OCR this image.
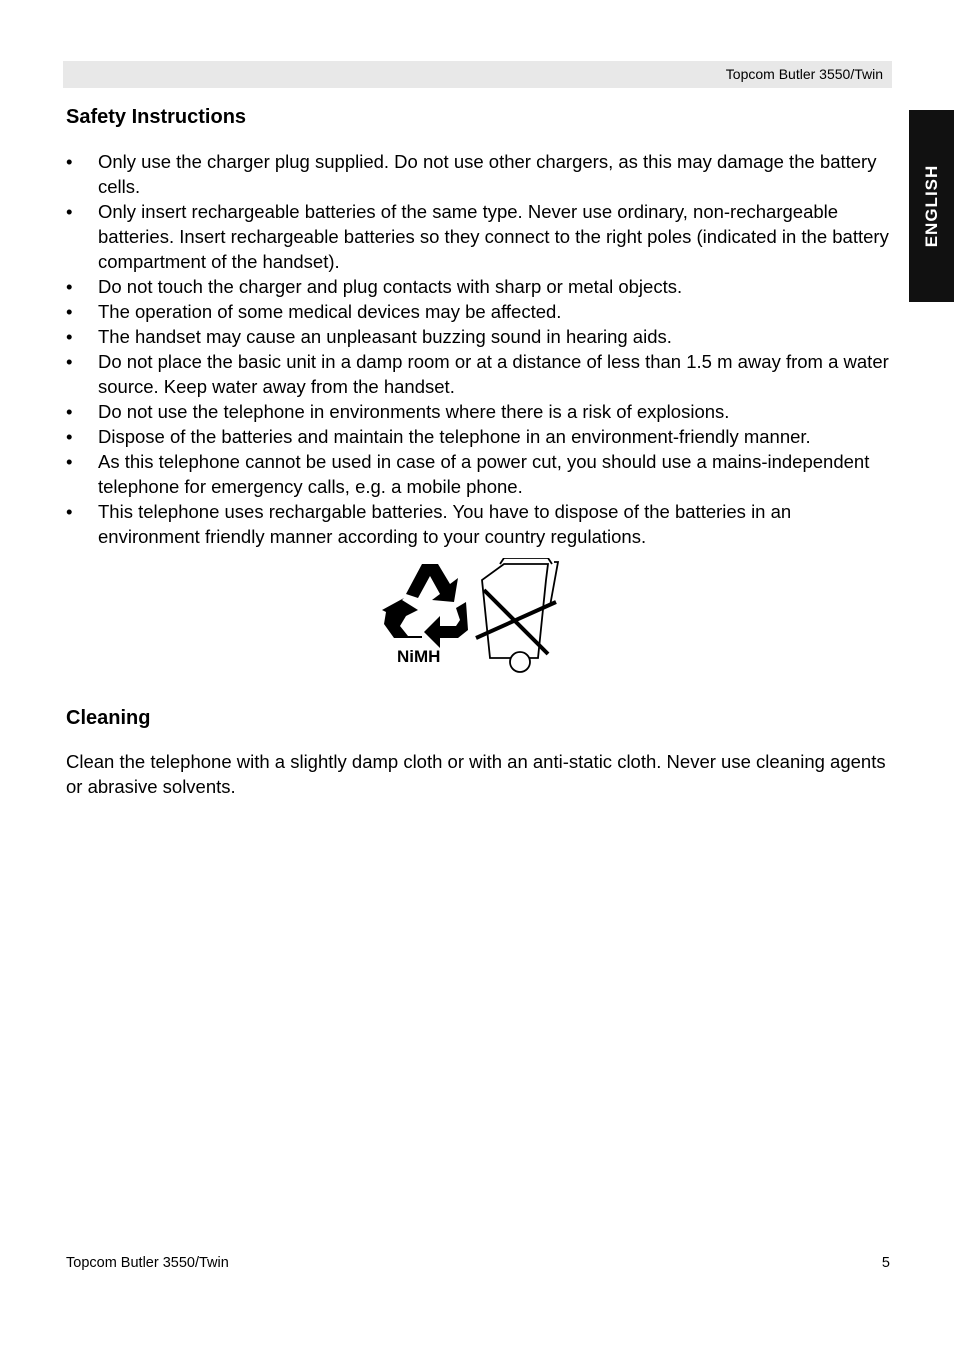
Topcom Butler 3550/Twin
ENGLISH
Safety Instructions
• Only use the charger plug supplied. Do not use other chargers, as this may damage the battery cells.
• Only insert rechargeable batteries of the same type. Never use ordinary, non-rechargeable batteries. Insert rechargeable batteries so they connect to the right poles (indicated in the battery compartment of the handset).
• Do not touch the charger and plug contacts with sharp or metal objects.
• The operation of some medical devices may be affected.
• The handset may cause an unpleasant buzzing sound in hearing aids.
• Do not place the basic unit in a damp room or at a distance of less than 1.5 m away from a water source. Keep water away from the handset.
• Do not use the telephone in environments where there is a risk of explosions.
• Dispose of the batteries and maintain the telephone in an environment-friendly manner.
• As this telephone cannot be used in case of a power cut, you should use a mains-independent telephone for emergency calls, e.g. a mobile phone.
• This telephone uses rechargable batteries. You have to dispose of the batteries in an environment friendly manner according to your country regulations.
NiMH
Cleaning

Clean the telephone with a slightly damp cloth or with an anti-static cloth. Never use cleaning agents or abrasive solvents.

Topcom Butler 3550/Twin	5
